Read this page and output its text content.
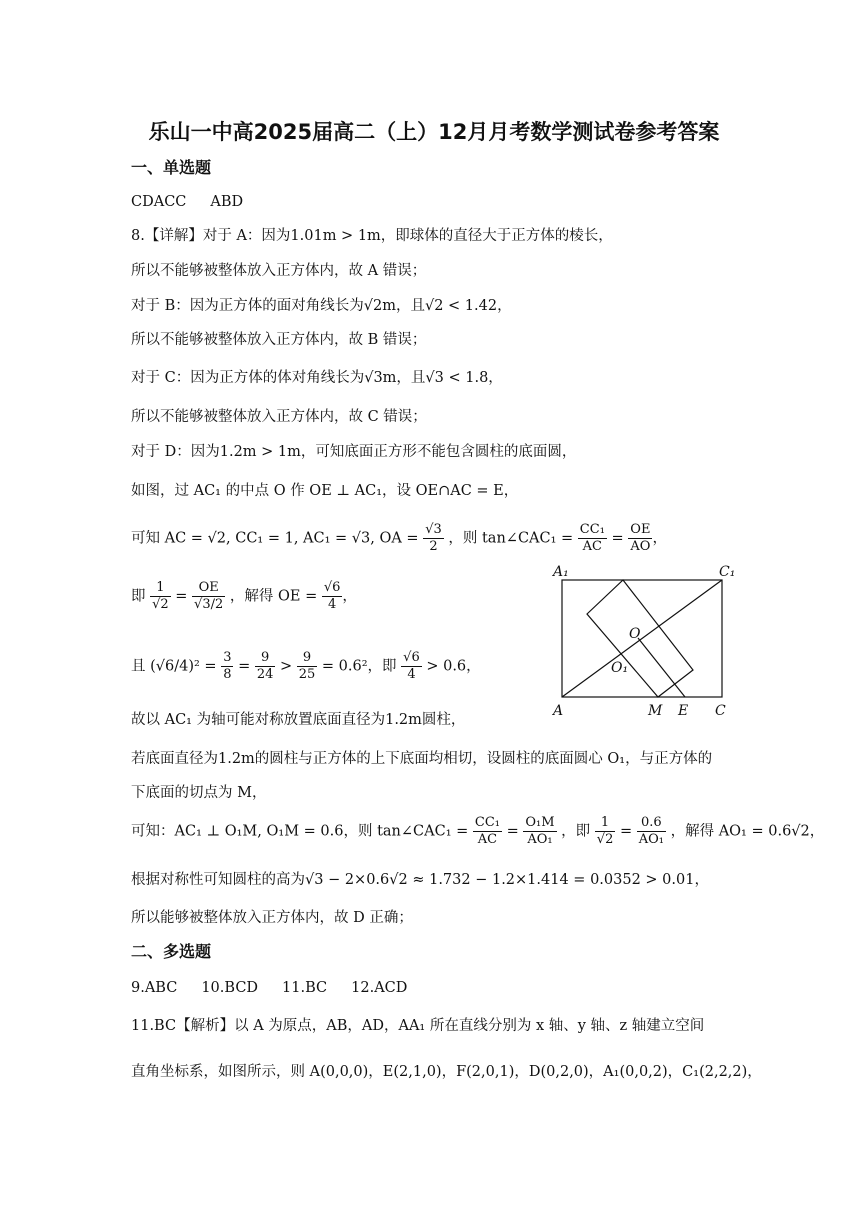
乐山一中高2025届高二（上）12月月考数学测试卷参考答案
一、单选题
CDACC ABD
8.【详解】对于 A：因为1.01m > 1m，即球体的直径大于正方体的棱长，
所以不能够被整体放入正方体内，故 A 错误；
对于 B：因为正方体的面对角线长为√2m，且√2 < 1.42，
所以不能够被整体放入正方体内，故 B 错误；
对于 C：因为正方体的体对角线长为√3m，且√3 < 1.8，
所以不能够被整体放入正方体内，故 C 错误；
对于 D：因为1.2m > 1m，可知底面正方形不能包含圆柱的底面圆，
如图，过 AC₁ 的中点 O 作 OE ⊥ AC₁，设 OE∩AC = E，
可知 AC = √2, CC₁ = 1, AC₁ = √3, OA = $\frac{√3}{2}$ ，则 tan∠CAC₁ = $\frac{\text{CC₁}}{AC} = \frac{OE}{AO}$ ，
即 $\frac{1}{√2} = \frac{OE}{√3/2}$ ，解得 OE = $\frac{√6}{4}$ ，
且 $(√6/4)^2 = \frac{3}{8} = \frac{9}{24} > \frac{9}{25} = 0.6^2$，即 $\frac{√6}{4} > 0.6$，
故以 AC₁ 为轴可能对称放置底面直径为1.2m圆柱，
若底面直径为1.2m的圆柱与正方体的上下底面均相切，设圆柱的底面圆心 O₁，与正方体的
下底面的切点为 M，
可知：AC₁ ⊥ O₁M, O₁M = 0.6，则 tan∠CAC₁ = $\frac{\text{CC₁}}{AC} = \frac{\text{O₁M}}{\text{AO₁}}$ ，即 $\frac{1}{√2} = \frac{0.6}{\text{AO₁}}$ ，解得 AO₁ = 0.6√2，
根据对称性可知圆柱的高为√3 − 2×0.6√2 ≈ 1.732 − 1.2×1.414 = 0.0352 > 0.01，
所以能够被整体放入正方体内，故 D 正确；
二、多选题
9.ABC 10.BCD 11.BC 12.ACD
11.BC【解析】以 A 为原点，AB，AD，AA₁ 所在直线分别为 x 轴、y 轴、z 轴建立空间
直角坐标系，如图所示，则 A(0,0,0)，E(2,1,0)，F(2,0,1)，D(0,2,0)，A₁(0,0,2)，C₁(2,2,2)，
A₁	C₁
O
O₁
A	M E C
